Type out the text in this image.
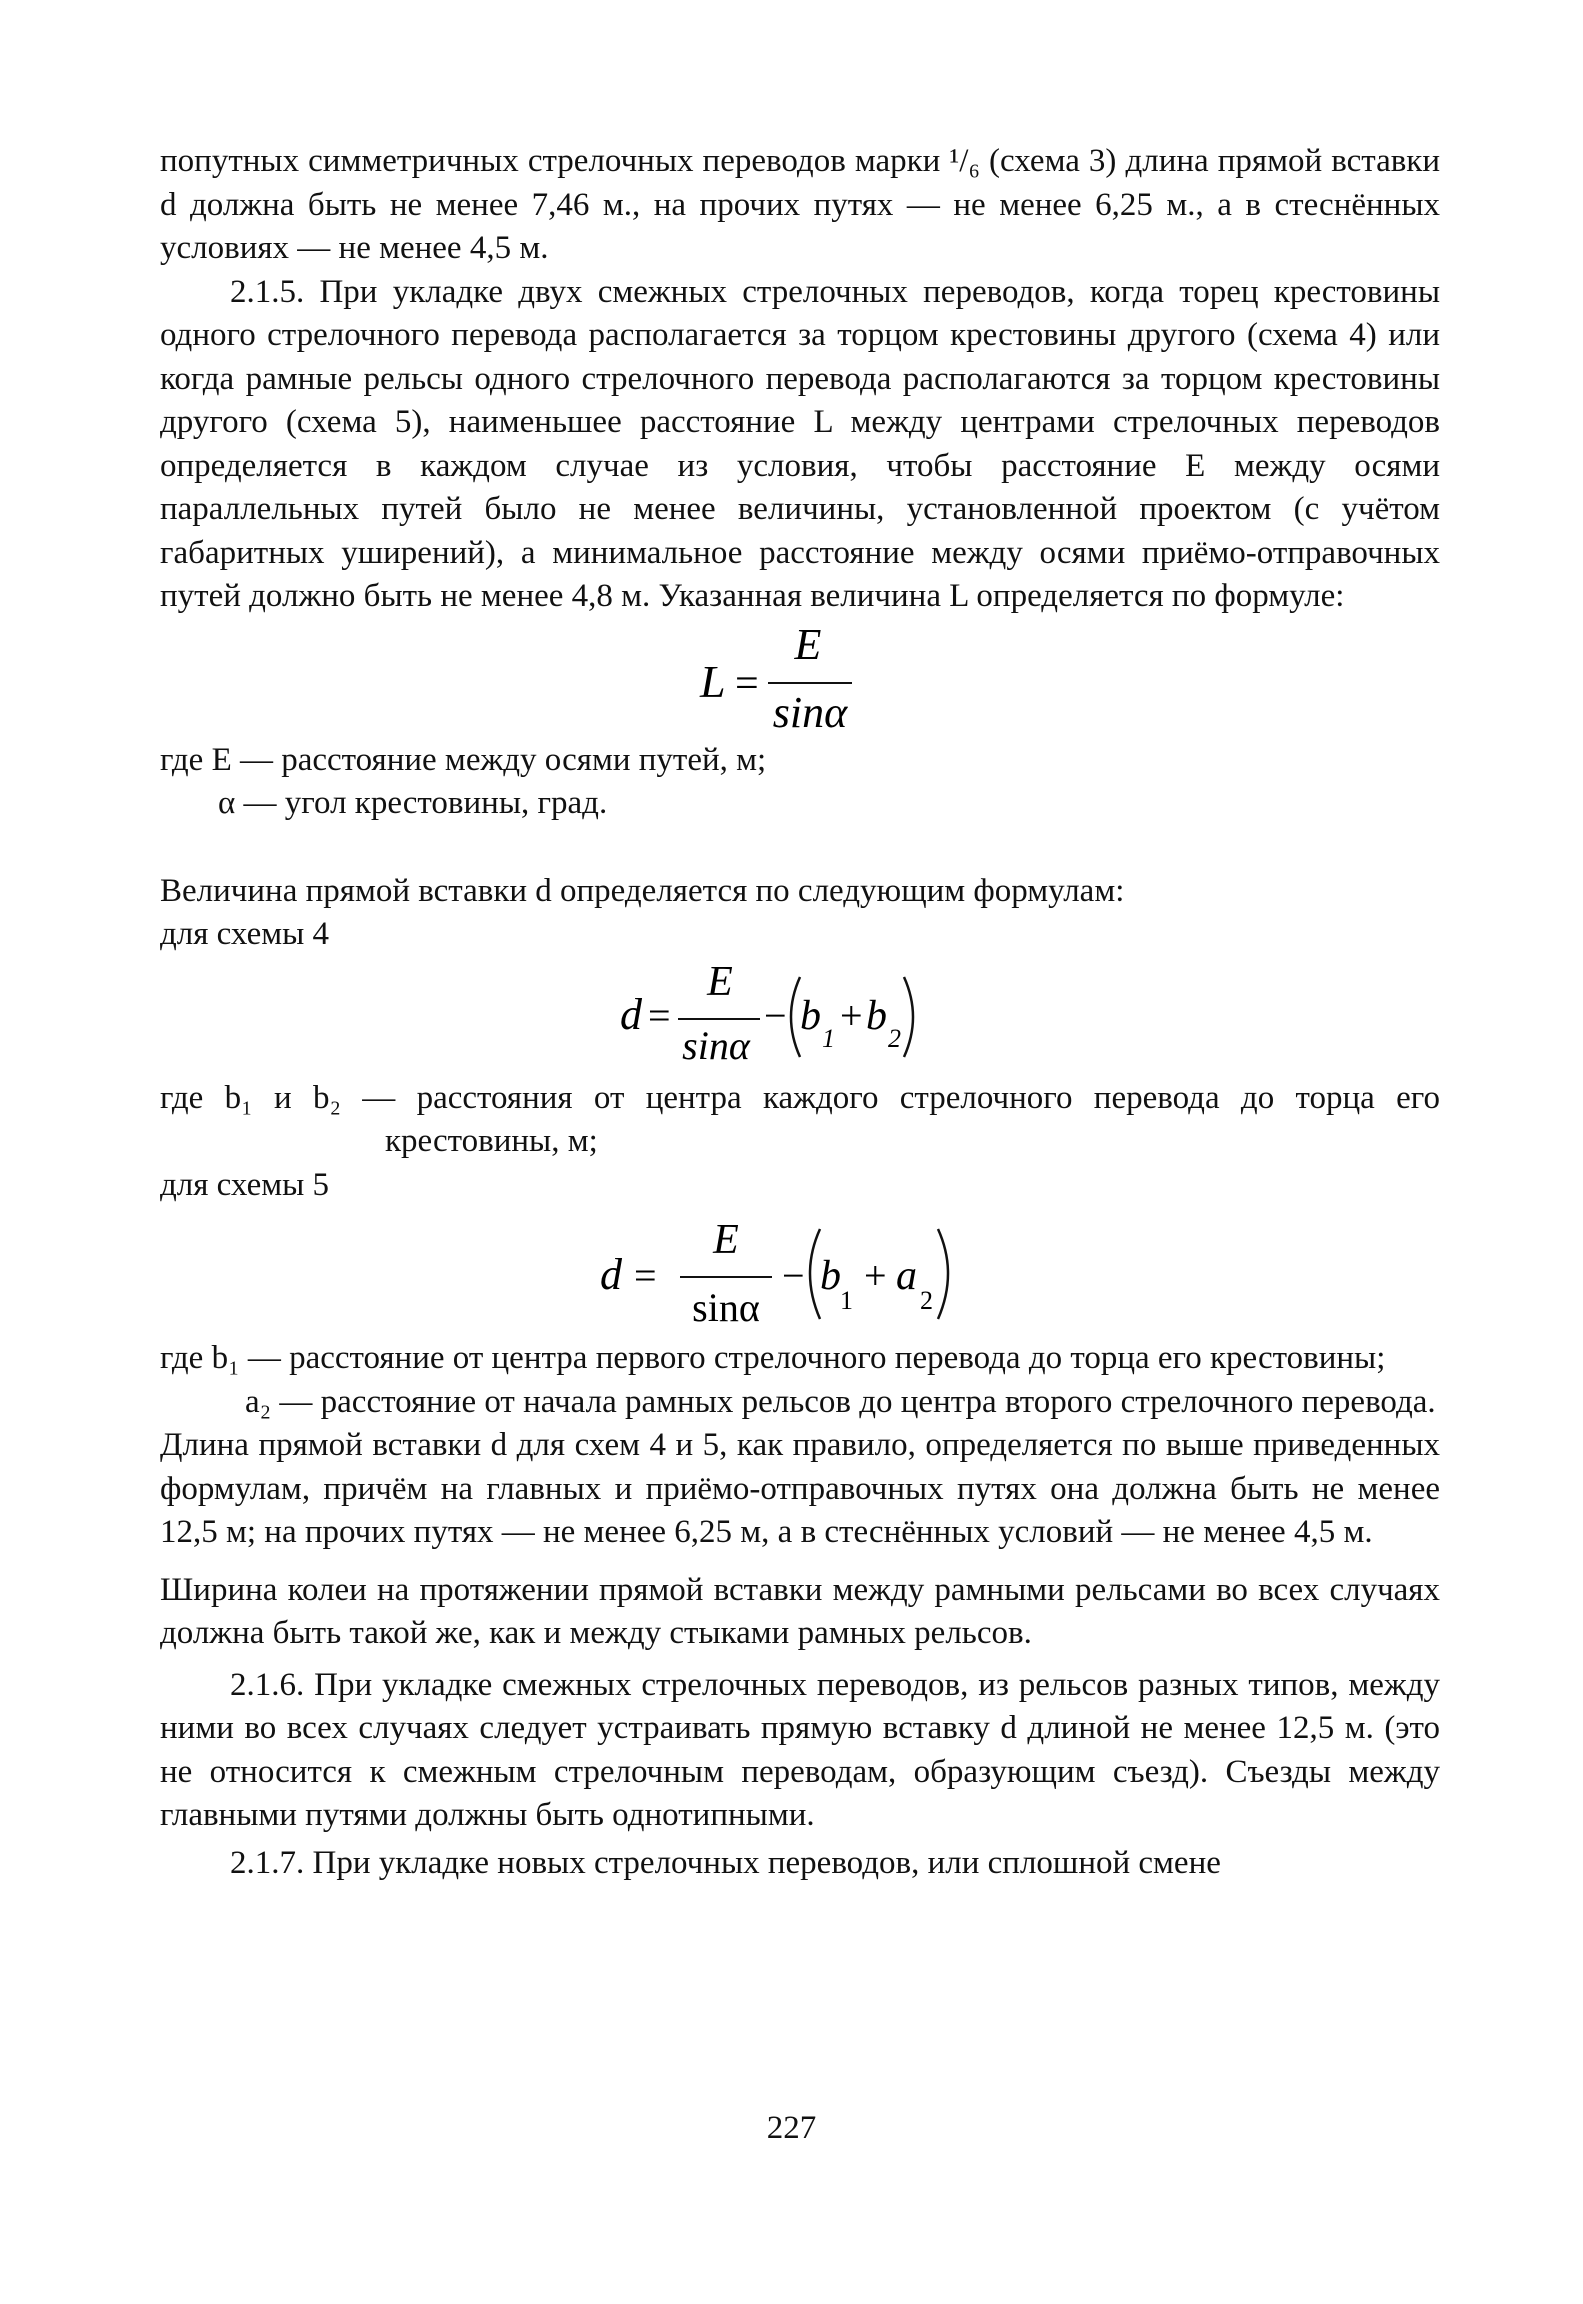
попутных симметричных стрелочных переводов марки ¹/₆ (схема 3) длина прямой вставки d должна быть не менее 7,46 м., на прочих путях — не менее 6,25 м., а в стеснённых условиях — не менее 4,5 м.

2.1.5. При укладке двух смежных стрелочных переводов, когда торец крестовины одного стрелочного перевода располагается за торцом крестовины другого (схема 4) или когда рамные рельсы одного стрелочного перевода располагаются за торцом крестовины другого (схема 5), наименьшее расстояние L между центрами стрелочных переводов определяется в каждом случае из условия, чтобы расстояние E между осями параллельных путей было не менее величины, установленной проектом (с учётом габаритных уширений), а минимальное расстояние между осями приёмо-отправочных путей должно быть не менее 4,8 м. Указанная величина L определяется по формуле:

L =
E
sinα

где E — расстояние между осями путей, м;

α — угол крестовины, град.

Величина прямой вставки d определяется по следующим формулам:

для схемы 4

d =
E
sinα
− b 1
+ b 2

где b₁ и b₂ — расстояния от центра каждого стрелочного перевода до торца его крестовины, м;

для схемы 5

d =
E
sinα
− b
1
+ a
2

где b₁ — расстояние от центра первого стрелочного перевода до торца его крестовины;

a₂ — расстояние от начала рамных рельсов до центра второго стрелочного перевода.

Длина прямой вставки d для схем 4 и 5, как правило, определяется по выше приведенных формулам, причём на главных и приёмо-отправочных путях она должна быть не менее 12,5 м; на прочих путях — не менее 6,25 м, а в стеснённых условий — не менее 4,5 м.

Ширина колеи на протяжении прямой вставки между рамными рельсами во всех случаях должна быть такой же, как и между стыками рамных рельсов.

2.1.6. При укладке смежных стрелочных переводов, из рельсов разных типов, между ними во всех случаях следует устраивать прямую вставку d длиной не менее 12,5 м. (это не относится к смежным стрелочным переводам, образующим съезд). Съезды между главными путями должны быть однотипными.

2.1.7. При укладке новых стрелочных переводов, или сплошной смене

227
